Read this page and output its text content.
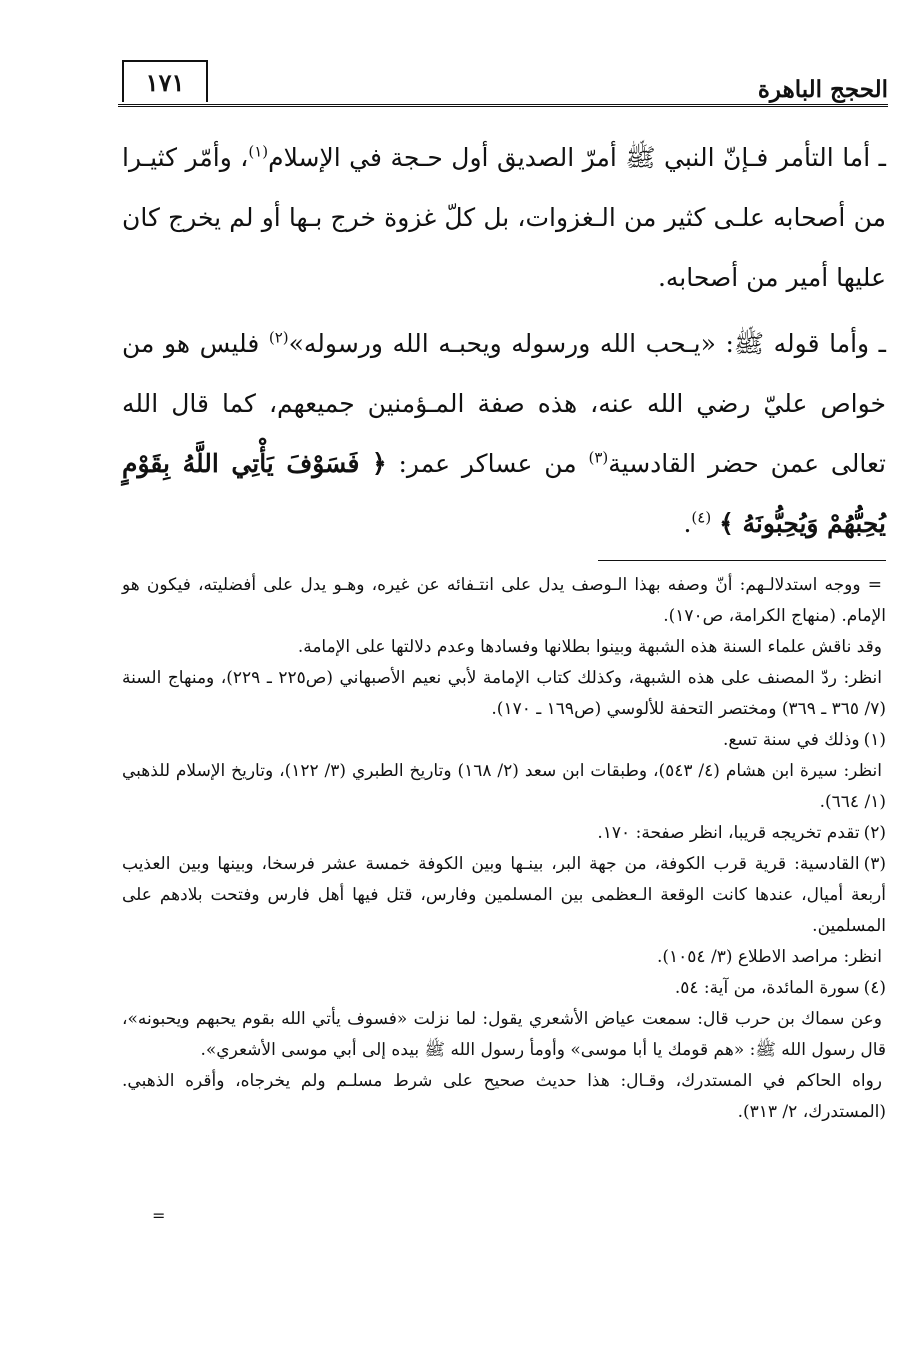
الحجج الباهرة
١٧١

ـ أما التأمر فـإنّ النبي ﷺ أمرّ الصديق أول حـجة في الإسلام$^{(١)}$، وأمّر كثيـرا من أصحابه علـى كثير من الـغزوات، بل كلّ غزوة خرج بـها أو لم يخرج كان عليها أمير من أصحابه.

ـ وأما قوله ﷺ: «يـحب الله ورسوله ويحبـه الله ورسوله»$^{(٢)}$ فليس هو من خواص عليّ رضي الله عنه، هذه صفة المـؤمنين جميعهم، كما قال الله تعالى عمن حضر القادسية$^{(٣)}$ من عساكر عمر: ﴿ فَسَوْفَ يَأْتِي اللَّهُ بِقَوْمٍ يُحِبُّهُمْ وَيُحِبُّونَهُ ﴾ $^{(٤)}$.

= ووجه استدلالـهم: أنّ وصفه بهذا الـوصف يدل على انتـفائه عن غيره، وهـو يدل على أفضليته، فيكون هو الإمام. (منهاج الكرامة، ص١٧٠).

وقد ناقش علماء السنة هذه الشبهة وبينوا بطلانها وفسادها وعدم دلالتها على الإمامة.

انظر: ردّ المصنف على هذه الشبهة، وكذلك كتاب الإمامة لأبي نعيم الأصبهاني (ص٢٢٥ ـ ٢٢٩)، ومنهاج السنة (٧/ ٣٦٥ ـ ٣٦٩) ومختصر التحفة للألوسي (ص١٦٩ ـ ١٧٠).

(١)وذلك في سنة تسع.

انظر: سيرة ابن هشام (٤/ ٥٤٣)، وطبقات ابن سعد (٢/ ١٦٨) وتاريخ الطبري (٣/ ١٢٢)، وتاريخ الإسلام للذهبي (١/ ٦٦٤).

(٢)تقدم تخريجه قريبا، انظر صفحة: ١٧٠.

(٣)القادسية: قرية قرب الكوفة، من جهة البر، بينـها وبين الكوفة خمسة عشر فرسخا، وبينها وبين العذيب أربعة أميال، عندها كانت الوقعة الـعظمى بين المسلمين وفارس، قتل فيها أهل فارس وفتحت بلادهم على المسلمين.

انظر: مراصد الاطلاع (٣/ ١٠٥٤).

(٤)سورة المائدة، من آية: ٥٤.

وعن سماك بن حرب قال: سمعت عياض الأشعري يقول: لما نزلت «فسوف يأتي الله بقوم يحبهم ويحبونه»، قال رسول الله ﷺ: «هم قومك يا أبا موسى» وأومأ رسول الله ﷺ بيده إلى أبي موسى الأشعري».

رواه الحاكم في المستدرك، وقـال: هذا حديث صحيح على شرط مسلـم ولم يخرجاه، وأقره الذهبي. (المستدرك، ٢/ ٣١٣).

=
